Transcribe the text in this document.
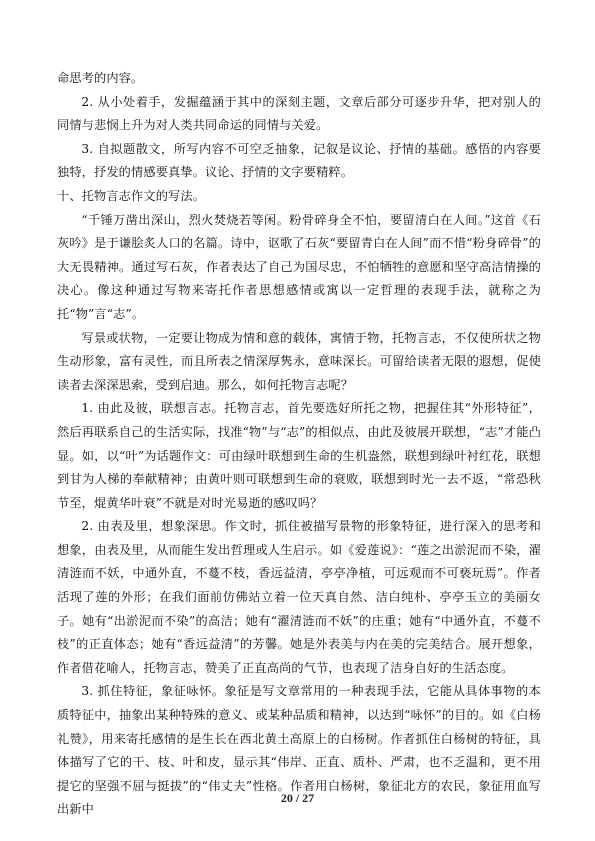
命思考的内容。

2. 从小处着手，发掘蕴涵于其中的深刻主题，文章后部分可逐步升华，把对别人的同情与悲悯上升为对人类共同命运的同情与关爱。

3. 自拟题散文，所写内容不可空乏抽象，记叙是议论、抒情的基础。感悟的内容要独特，抒发的情感要真挚。议论、抒情的文字要精粹。

十、托物言志作文的写法。

“千锤万凿出深山，烈火焚烧若等闲。粉骨碎身全不怕，要留清白在人间。”这首《石灰吟》是于谦脍炙人口的名篇。诗中，讴歌了石灰“要留青白在人间”而不惜“粉身碎骨”的大无畏精神。通过写石灰，作者表达了自己为国尽忠，不怕牺牲的意愿和坚守高洁情操的决心。像这种通过写物来寄托作者思想感情或寓以一定哲理的表现手法，就称之为托“物”言“志”。

写景或状物，一定要让物成为情和意的载体，寓情于物，托物言志，不仅使所状之物生动形象，富有灵性，而且所表之情深厚隽永，意味深长。可留给读者无限的遐想，促使读者去深深思索，受到启迪。那么，如何托物言志呢？

1. 由此及彼，联想言志。托物言志，首先要选好所托之物，把握住其“外形特征”，然后再联系自己的生活实际，找准“物”与“志”的相似点，由此及彼展开联想，“志”才能凸显。如，以“叶”为话题作文：可由绿叶联想到生命的生机盎然，联想到绿叶衬红花，联想到甘为人梯的奉献精神；由黄叶则可联想到生命的衰败，联想到时光一去不返，“常恐秋节至，焜黄华叶衰”不就是对时光易逝的感叹吗？

2. 由表及里，想象深思。作文时，抓住被描写景物的形象特征，进行深入的思考和想象，由表及里，从而能生发出哲理或人生启示。如《爱莲说》：“莲之出淤泥而不染，濯清涟而不妖，中通外直，不蔓不枝，香远益清，亭亭净植，可远观而不可亵玩焉”。作者活现了莲的外形；在我们面前仿佛站立着一位天真自然、洁白纯朴、亭亭玉立的美丽女子。她有“出淤泥而不染”的高洁；她有“濯清涟而不妖”的庄重；她有“中通外直，不蔓不枝”的正直体态；她有“香远益清”的芳馨。她是外表美与内在美的完美结合。展开想象，作者借花喻人，托物言志，赞美了正直高尚的气节，也表现了洁身自好的生活态度。

3. 抓住特征，象征咏怀。象征是写文章常用的一种表现手法，它能从具体事物的本质特征中，抽象出某种特殊的意义、或某种品质和精神，以达到“咏怀”的目的。如《白杨礼赞》，用来寄托感情的是生长在西北黄土高原上的白杨树。作者抓住白杨树的特征，具体描写了它的干、枝、叶和皮，显示其“伟岸、正直、质朴、严肃，也不乏温和，更不用提它的坚强不屈与挺拔”的“伟丈夫”性格。作者用白杨树，象征北方的农民，象征用血写出新中

20 / 27
